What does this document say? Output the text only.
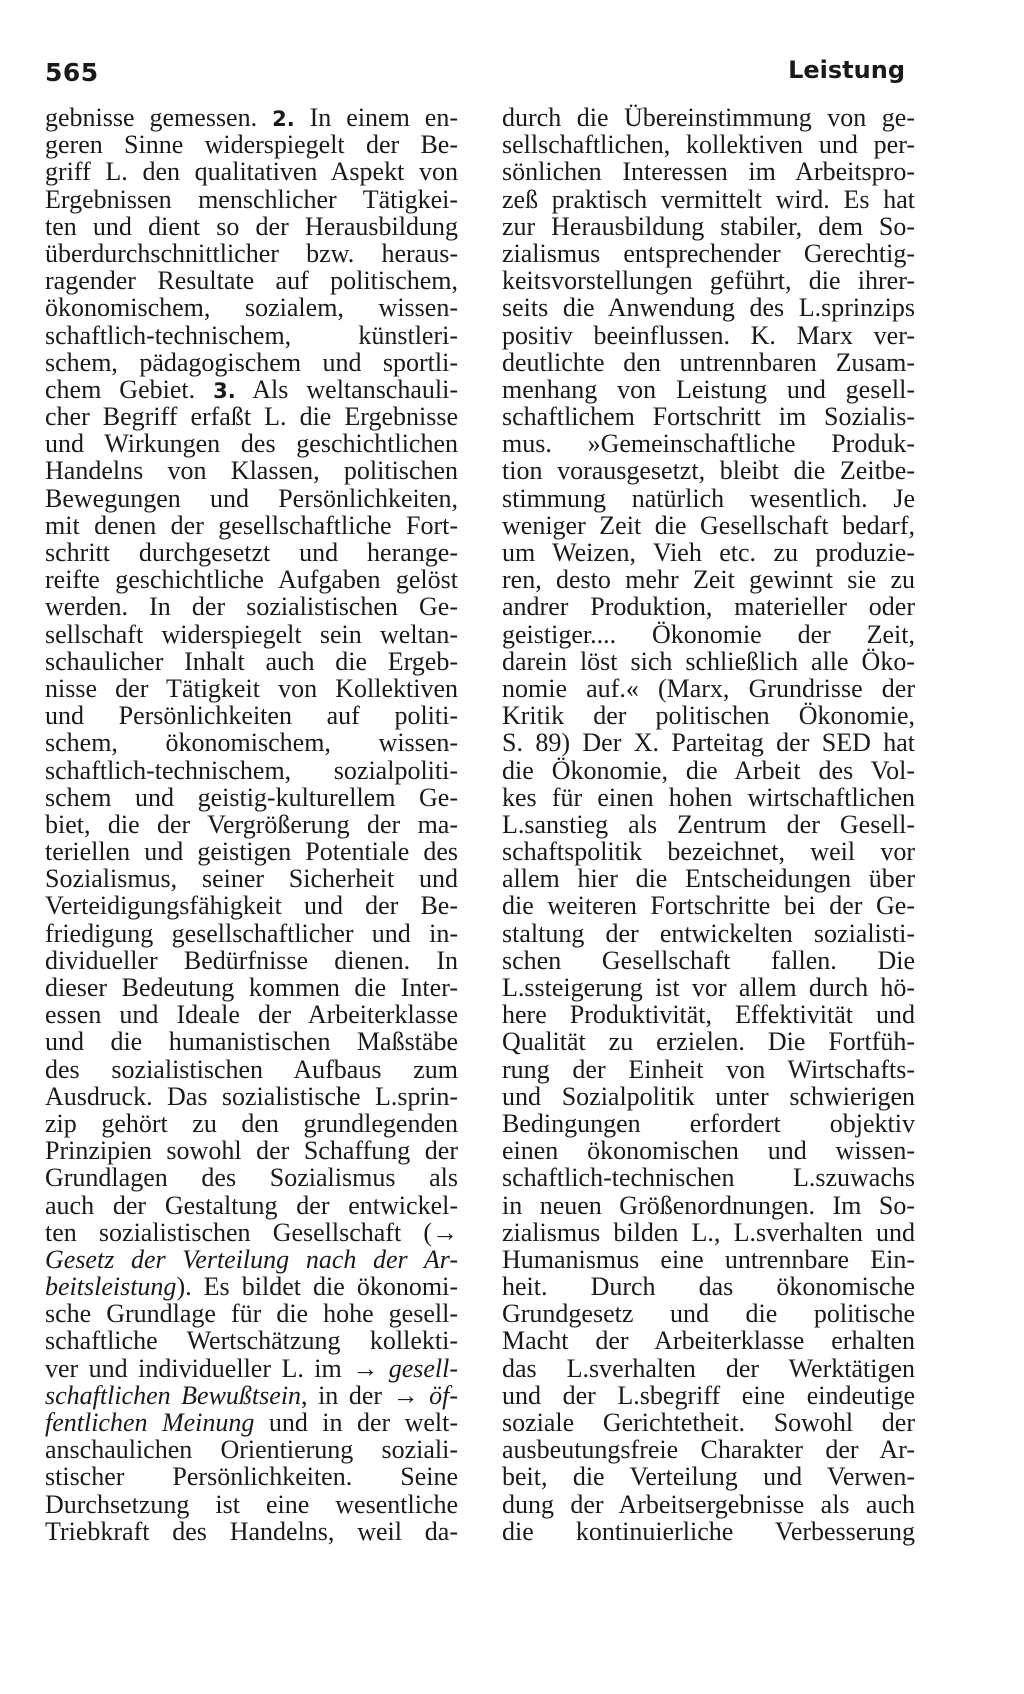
565	Leistung
gebnisse gemessen. 2. In einem en-
geren Sinne widerspiegelt der Be-
griff L. den qualitativen Aspekt von
Ergebnissen menschlicher Tätigkei-
ten und dient so der Herausbildung
überdurchschnittlicher bzw. heraus-
ragender Resultate auf politischem,
ökonomischem, sozialem, wissen-
schaftlich-technischem, künstleri-
schem, pädagogischem und sportli-
chem Gebiet. 3. Als weltanschauli-
cher Begriff erfaßt L. die Ergebnisse
und Wirkungen des geschichtlichen
Handelns von Klassen, politischen
Bewegungen und Persönlichkeiten,
mit denen der gesellschaftliche Fort-
schritt durchgesetzt und herange-
reifte geschichtliche Aufgaben gelöst
werden. In der sozialistischen Ge-
sellschaft widerspiegelt sein weltan-
schaulicher Inhalt auch die Ergeb-
nisse der Tätigkeit von Kollektiven
und Persönlichkeiten auf politi-
schem, ökonomischem, wissen-
schaftlich-technischem, sozialpoliti-
schem und geistig-kulturellem Ge-
biet, die der Vergrößerung der ma-
teriellen und geistigen Potentiale des
Sozialismus, seiner Sicherheit und
Verteidigungsfähigkeit und der Be-
friedigung gesellschaftlicher und in-
dividueller Bedürfnisse dienen. In
dieser Bedeutung kommen die Inter-
essen und Ideale der Arbeiterklasse
und die humanistischen Maßstäbe
des sozialistischen Aufbaus zum
Ausdruck. Das sozialistische L.sprin-
zip gehört zu den grundlegenden
Prinzipien sowohl der Schaffung der
Grundlagen des Sozialismus als
auch der Gestaltung der entwickel-
ten sozialistischen Gesellschaft (→
Gesetz der Verteilung nach der Ar-
beitsleistung). Es bildet die ökonomi-
sche Grundlage für die hohe gesell-
schaftliche Wertschätzung kollekti-
ver und individueller L. im → gesell-
schaftlichen Bewußtsein, in der → öf-
fentlichen Meinung und in der welt-
anschaulichen Orientierung soziali-
stischer Persönlichkeiten. Seine
Durchsetzung ist eine wesentliche
Triebkraft des Handelns, weil da-
durch die Übereinstimmung von ge-
sellschaftlichen, kollektiven und per-
sönlichen Interessen im Arbeitspro-
zeß praktisch vermittelt wird. Es hat
zur Herausbildung stabiler, dem So-
zialismus entsprechender Gerechtig-
keitsvorstellungen geführt, die ihrer-
seits die Anwendung des L.sprinzips
positiv beeinflussen. K. Marx ver-
deutlichte den untrennbaren Zusam-
menhang von Leistung und gesell-
schaftlichem Fortschritt im Sozialis-
mus. »Gemeinschaftliche Produk-
tion vorausgesetzt, bleibt die Zeitbe-
stimmung natürlich wesentlich. Je
weniger Zeit die Gesellschaft bedarf,
um Weizen, Vieh etc. zu produzie-
ren, desto mehr Zeit gewinnt sie zu
andrer Produktion, materieller oder
geistiger.... Ökonomie der Zeit,
darein löst sich schließlich alle Öko-
nomie auf.« (Marx, Grundrisse der
Kritik der politischen Ökonomie,
S. 89) Der X. Parteitag der SED hat
die Ökonomie, die Arbeit des Vol-
kes für einen hohen wirtschaftlichen
L.sanstieg als Zentrum der Gesell-
schaftspolitik bezeichnet, weil vor
allem hier die Entscheidungen über
die weiteren Fortschritte bei der Ge-
staltung der entwickelten sozialisti-
schen Gesellschaft fallen. Die
L.ssteigerung ist vor allem durch hö-
here Produktivität, Effektivität und
Qualität zu erzielen. Die Fortfüh-
rung der Einheit von Wirtschafts-
und Sozialpolitik unter schwierigen
Bedingungen erfordert objektiv
einen ökonomischen und wissen-
schaftlich-technischen L.szuwachs
in neuen Größenordnungen. Im So-
zialismus bilden L., L.sverhalten und
Humanismus eine untrennbare Ein-
heit. Durch das ökonomische
Grundgesetz und die politische
Macht der Arbeiterklasse erhalten
das L.sverhalten der Werktätigen
und der L.sbegriff eine eindeutige
soziale Gerichtetheit. Sowohl der
ausbeutungsfreie Charakter der Ar-
beit, die Verteilung und Verwen-
dung der Arbeitsergebnisse als auch
die kontinuierliche Verbesserung
